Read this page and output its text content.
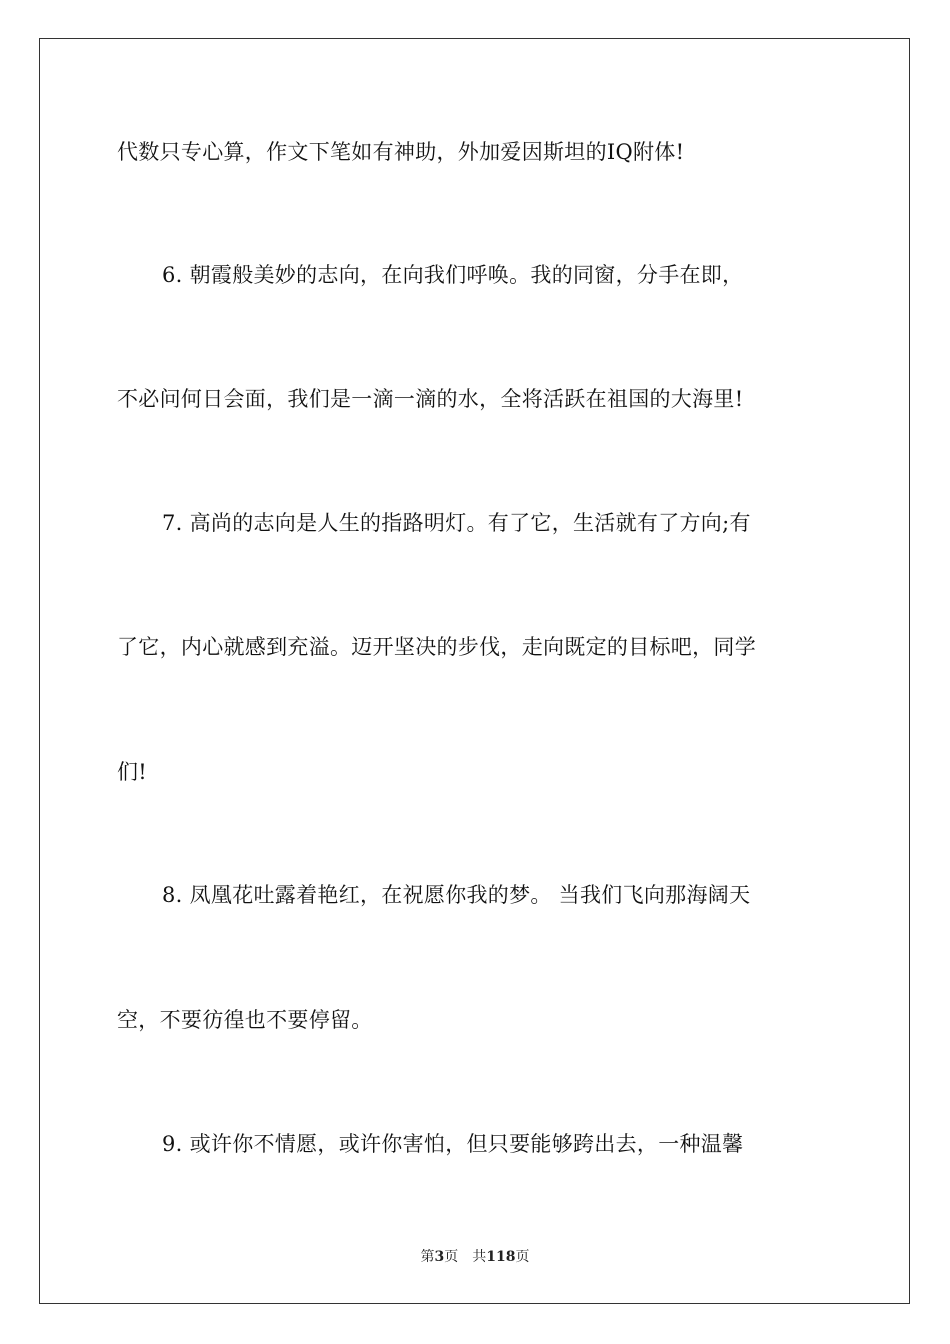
代数只专心算，作文下笔如有神助，外加爱因斯坦的IQ附体!
6. 朝霞般美妙的志向，在向我们呼唤。我的同窗，分手在即，
不必问何日会面，我们是一滴一滴的水，全将活跃在祖国的大海里!
7. 高尚的志向是人生的指路明灯。有了它，生活就有了方向;有
了它，内心就感到充溢。迈开坚决的步伐，走向既定的目标吧，同学
们!
8. 凤凰花吐露着艳红，在祝愿你我的梦。 当我们飞向那海阔天
空，不要彷徨也不要停留。
9. 或许你不情愿，或许你害怕，但只要能够跨出去，一种温馨
第3页 共118页
